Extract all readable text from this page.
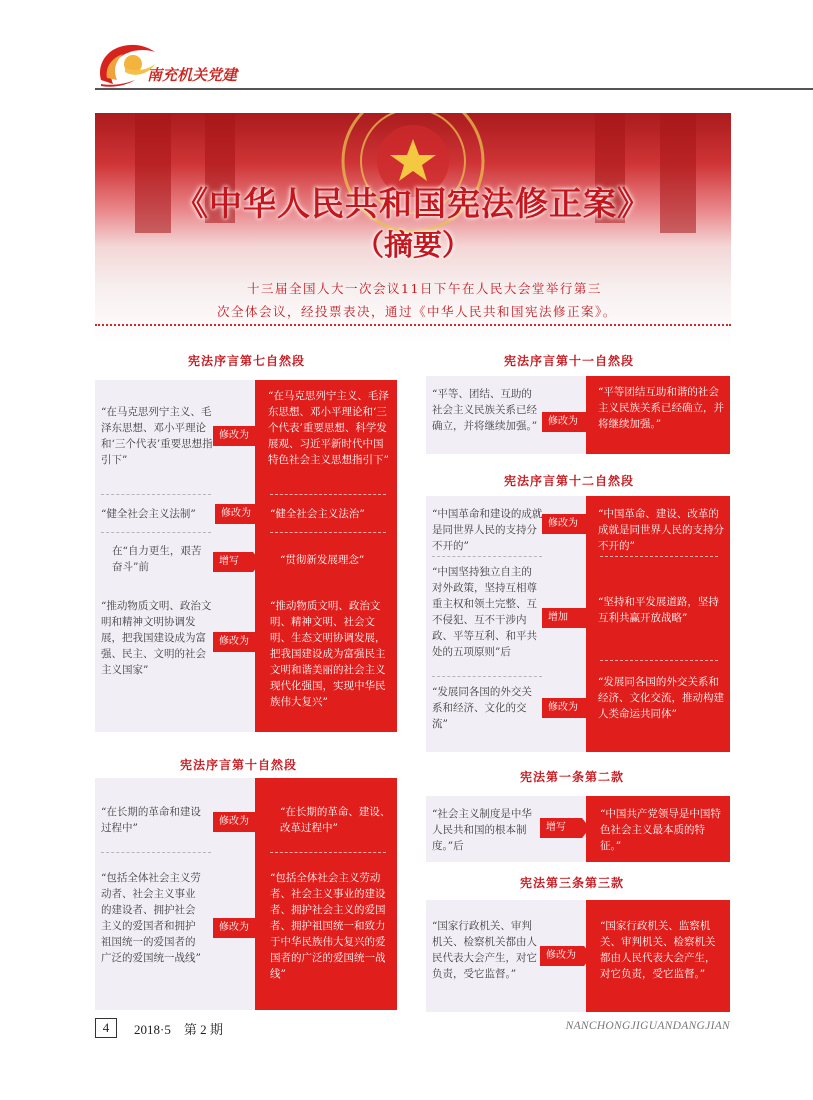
南充机关党建
《中华人民共和国宪法修正案》
（摘要）
十三届全国人大一次会议11日下午在人民大会堂举行第三
次全体会议，经投票表决，通过《中华人民共和国宪法修正案》。
宪法序言第七自然段
“在马克思列宁主义、毛泽东思想、邓小平理论和‘三个代表’重要思想指引下”
修改为
“在马克思列宁主义、毛泽东思想、邓小平理论和‘三个代表’重要思想、科学发展观、习近平新时代中国特色社会主义思想指引下”
“健全社会主义法制”	修改为	“健全社会主义法治”
在“自力更生，艰苦奋斗”前	增写	“贯彻新发展理念”
“推动物质文明、政治文明和精神文明协调发展，把我国建设成为富强、民主、文明的社会主义国家”
修改为
“推动物质文明、政治文明、精神文明、社会文明、生态文明协调发展，把我国建设成为富强民主文明和谐美丽的社会主义现代化强国，实现中华民族伟大复兴”
宪法序言第十自然段
“在长期的革命和建设过程中”
修改为
“在长期的革命、建设、改革过程中”
“包括全体社会主义劳动者、社会主义事业的建设者、拥护社会主义的爱国者和拥护祖国统一的爱国者的广泛的爱国统一战线”
修改为
“包括全体社会主义劳动者、社会主义事业的建设者、拥护社会主义的爱国者、拥护祖国统一和致力于中华民族伟大复兴的爱国者的广泛的爱国统一战线”
宪法序言第十一自然段
“平等、团结、互助的社会主义民族关系已经确立，并将继续加强。”	修改为
“平等团结互助和谐的社会主义民族关系已经确立，并将继续加强。”
宪法序言第十二自然段
“中国革命和建设的成就是同世界人民的支持分不开的”
修改为
“中国革命、建设、改革的成就是同世界人民的支持分不开的”
“中国坚持独立自主的对外政策，坚持互相尊重主权和领土完整、互不侵犯、互不干涉内政、平等互利、和平共处的五项原则”后
增加
“坚持和平发展道路，坚持互利共赢开放战略”
“发展同各国的外交关系和经济、文化的交流”
修改为
“发展同各国的外交关系和经济、文化交流，推动构建人类命运共同体”
宪法第一条第二款
“社会主义制度是中华人民共和国的根本制度。”后
增写
“中国共产党领导是中国特色社会主义最本质的特征。”
宪法第三条第三款
“国家行政机关、审判机关、检察机关都由人民代表大会产生，对它负责，受它监督。”
修改为
“国家行政机关、监察机关、审判机关、检察机关都由人民代表大会产生，对它负责，受它监督。”
4	2018·5　第 2 期	NANCHONGJIGUANDANGJIAN
